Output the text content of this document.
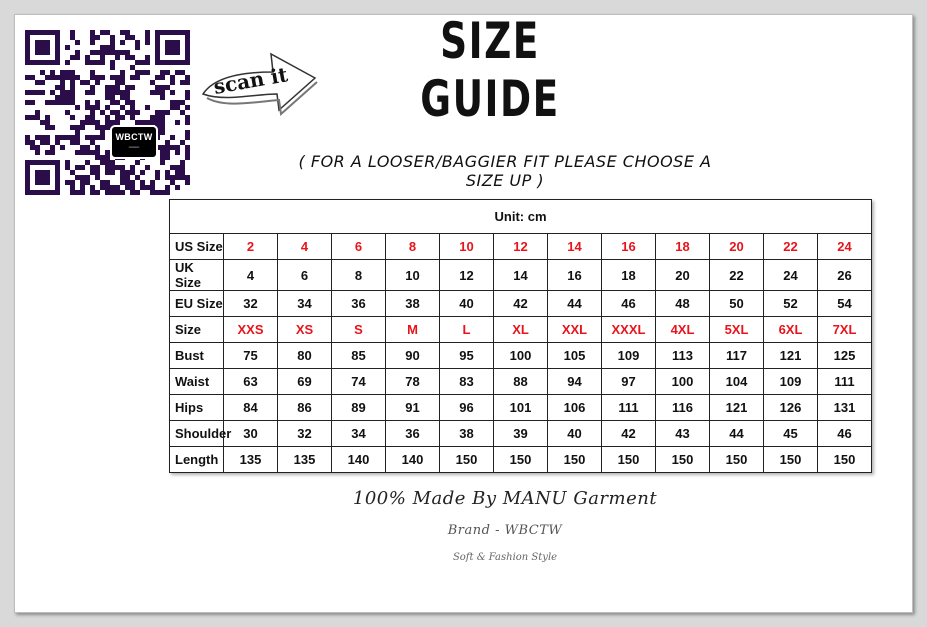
WBCTW
▪▪▪▪▪▪▪▪▪▪
scan it
SIZE GUIDE
( FOR A LOOSER/BAGGIER FIT PLEASE CHOOSE A SIZE UP )
Unit: cm												
US Size	2	4	6	8	10	12	14	16	18	20	22	24
UK Size	4	6	8	10	12	14	16	18	20	22	24	26
EU Size	32	34	36	38	40	42	44	46	48	50	52	54
Size	XXS	XS	S	M	L	XL	XXL	XXXL	4XL	5XL	6XL	7XL
Bust	75	80	85	90	95	100	105	109	113	117	121	125
Waist	63	69	74	78	83	88	94	97	100	104	109	111
Hips	84	86	89	91	96	101	106	111	116	121	126	131
Shoulder	30	32	34	36	38	39	40	42	43	44	45	46
Length	135	135	140	140	150	150	150	150	150	150	150	150
100% Made By MANU Garment
Brand - WBCTW
Soft & Fashion Style
